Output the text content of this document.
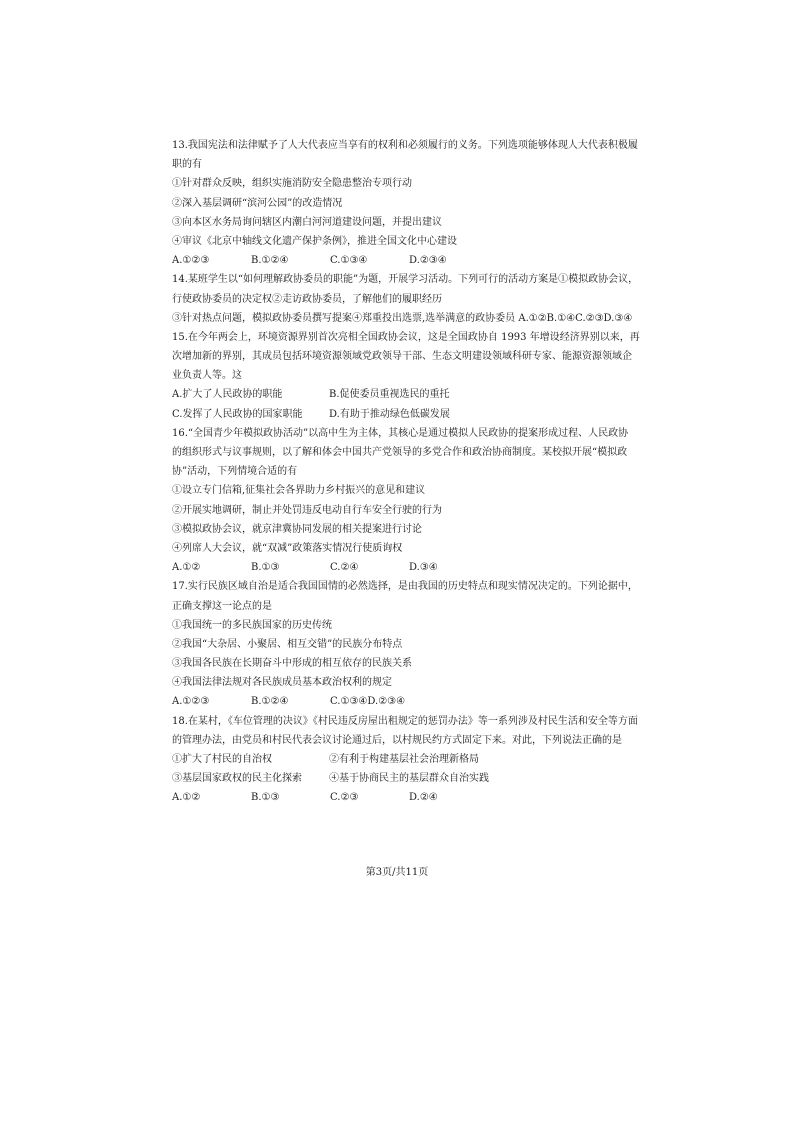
13.我国宪法和法律赋予了人大代表应当享有的权利和必须履行的义务。下列选项能够体现人大代表积极履
职的有
①针对群众反映，组织实施消防安全隐患整治专项行动
②深入基层调研“滨河公园”的改造情况
③向本区水务局询问辖区内潮白河河道建设问题，并提出建议
④审议《北京中轴线文化遗产保护条例》，推进全国文化中心建设
A.①②③	B.①②④	C.①③④	D.②③④
14.某班学生以“如何理解政协委员的职能”为题，开展学习活动。下列可行的活动方案是①模拟政协会议，
行使政协委员的决定权②走访政协委员，了解他们的履职经历
③针对热点问题，模拟政协委员撰写提案④郑重投出选票,选举满意的政协委员 A.①②B.①④C.②③D.③④
15.在今年两会上，环境资源界别首次亮相全国政协会议，这是全国政协自 1993 年增设经济界别以来，再
次增加新的界别，其成员包括环境资源领域党政领导干部、生态文明建设领域科研专家、能源资源领域企
业负责人等。这
A.扩大了人民政协的职能	B.促使委员重视选民的重托
C.发挥了人民政协的国家职能	D.有助于推动绿色低碳发展
16.“全国青少年模拟政协活动”以高中生为主体，其核心是通过模拟人民政协的提案形成过程、人民政协
的组织形式与议事规则，以了解和体会中国共产党领导的多党合作和政治协商制度。某校拟开展“模拟政
协”活动，下列情境合适的有
①设立专门信箱,征集社会各界助力乡村振兴的意见和建议
②开展实地调研，制止并处罚违反电动自行车安全行驶的行为
③模拟政协会议，就京津冀协同发展的相关提案进行讨论
④列席人大会议，就“双减”政策落实情况行使质询权
A.①②	B.①③	C.②④	D.③④
17.实行民族区域自治是适合我国国情的必然选择，是由我国的历史特点和现实情况决定的。下列论据中，
正确支撑这一论点的是
①我国统一的多民族国家的历史传统
②我国“大杂居、小聚居、相互交错”的民族分布特点
③我国各民族在长期奋斗中形成的相互依存的民族关系
④我国法律法规对各民族成员基本政治权利的规定
A.①②③	B.①②④	C.①③④D.②③④
18.在某村，《车位管理的决议》《村民违反房屋出租规定的惩罚办法》等一系列涉及村民生活和安全等方面
的管理办法，由党员和村民代表会议讨论通过后，以村规民约方式固定下来。对此，下列说法正确的是
①扩大了村民的自治权	②有利于构建基层社会治理新格局
③基层国家政权的民主化探索	④基于协商民主的基层群众自治实践
A.①②	B.①③	C.②③	D.②④
第3页/共11页
